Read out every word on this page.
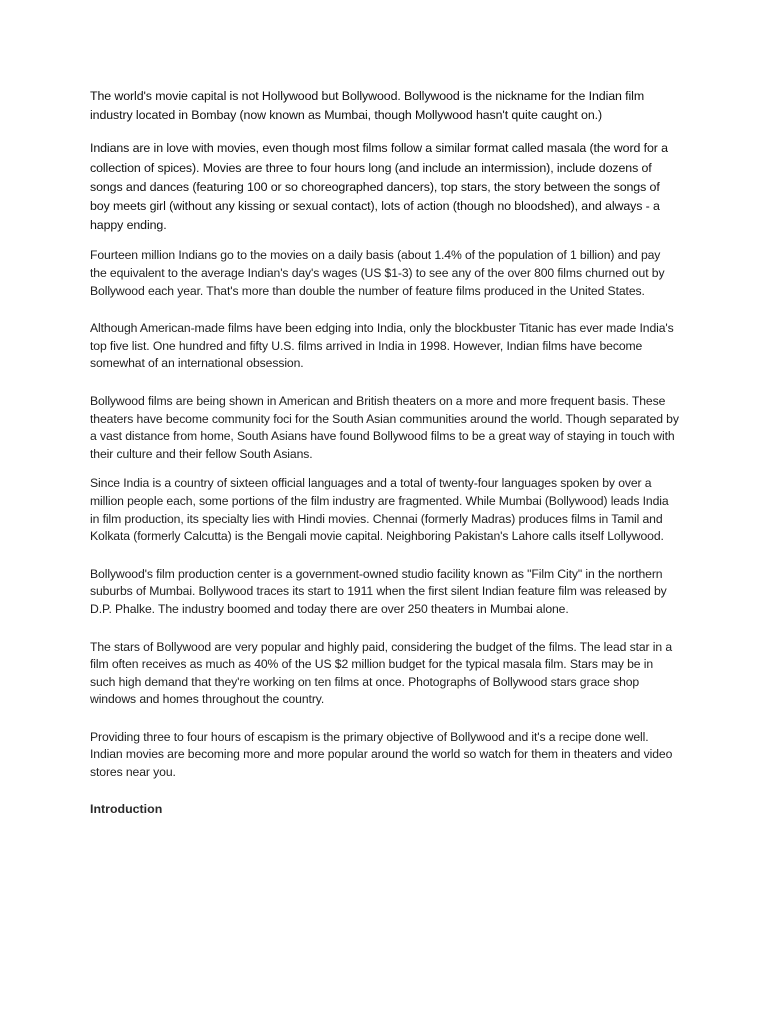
The world's movie capital is not Hollywood but Bollywood. Bollywood is the nickname for the Indian film industry located in Bombay (now known as Mumbai, though Mollywood hasn't quite caught on.)

Indians are in love with movies, even though most films follow a similar format called masala (the word for a collection of spices). Movies are three to four hours long (and include an intermission), include dozens of songs and dances (featuring 100 or so choreographed dancers), top stars, the story between the songs of boy meets girl (without any kissing or sexual contact), lots of action (though no bloodshed), and always - a happy ending.

Fourteen million Indians go to the movies on a daily basis (about 1.4% of the population of 1 billion) and pay the equivalent to the average Indian's day's wages (US $1-3) to see any of the over 800 films churned out by Bollywood each year. That's more than double the number of feature films produced in the United States.

Although American-made films have been edging into India, only the blockbuster Titanic has ever made India's top five list. One hundred and fifty U.S. films arrived in India in 1998. However, Indian films have become somewhat of an international obsession.

Bollywood films are being shown in American and British theaters on a more and more frequent basis. These theaters have become community foci for the South Asian communities around the world. Though separated by a vast distance from home, South Asians have found Bollywood films to be a great way of staying in touch with their culture and their fellow South Asians.

Since India is a country of sixteen official languages and a total of twenty-four languages spoken by over a million people each, some portions of the film industry are fragmented. While Mumbai (Bollywood) leads India in film production, its specialty lies with Hindi movies. Chennai (formerly Madras) produces films in Tamil and Kolkata (formerly Calcutta) is the Bengali movie capital. Neighboring Pakistan's Lahore calls itself Lollywood.

Bollywood's film production center is a government-owned studio facility known as "Film City" in the northern suburbs of Mumbai. Bollywood traces its start to 1911 when the first silent Indian feature film was released by D.P. Phalke. The industry boomed and today there are over 250 theaters in Mumbai alone.

The stars of Bollywood are very popular and highly paid, considering the budget of the films. The lead star in a film often receives as much as 40% of the US $2 million budget for the typical masala film. Stars may be in such high demand that they're working on ten films at once. Photographs of Bollywood stars grace shop windows and homes throughout the country.

Providing three to four hours of escapism is the primary objective of Bollywood and it's a recipe done well. Indian movies are becoming more and more popular around the world so watch for them in theaters and video stores near you.

Introduction
